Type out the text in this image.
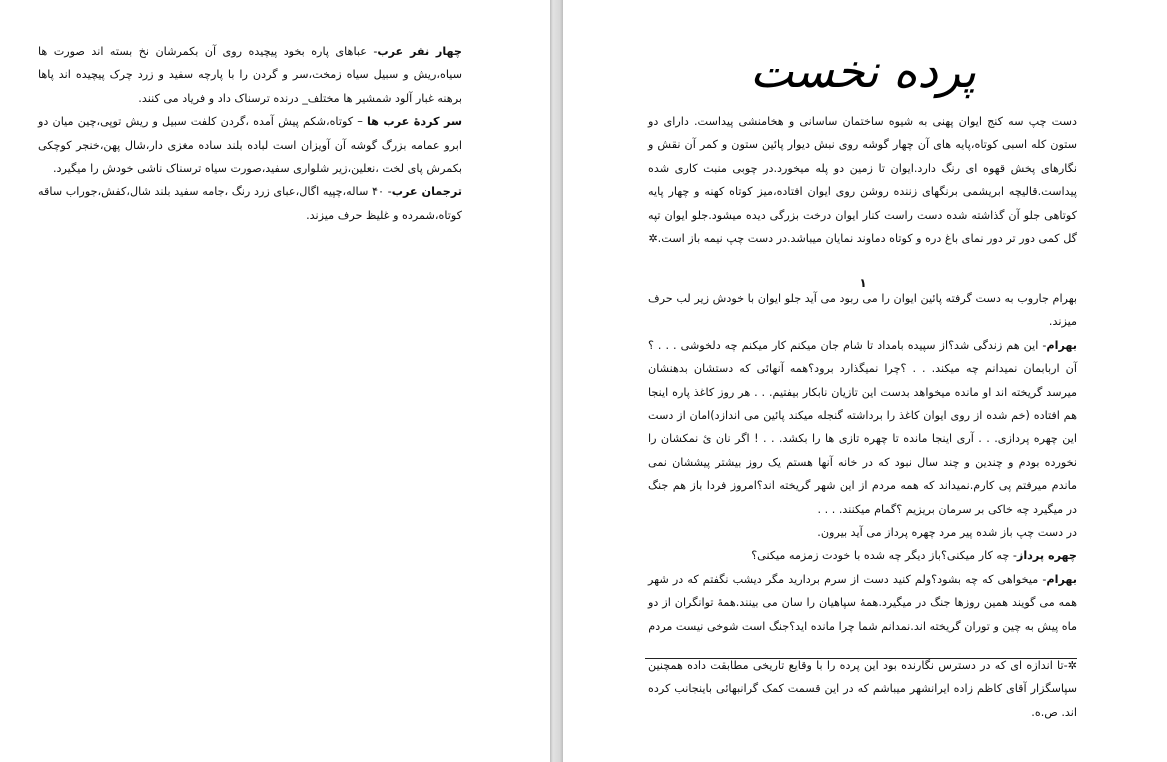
چهار نفر عرب- عباهای پاره بخود پیچیده روی آن بکمرشان نخ بسته اند صورت ها سیاه،ریش و سبیل سیاه زمخت،سر و گردن را با پارچه سفید و زرد چرک پیچیده اند پاها برهنه غبار آلود شمشیر ها مختلف_ درنده ترسناک داد و فریاد می کنند.

سر کردهٔ عرب ها – کوتاه،شکم پیش آمده ،گردن کلفت سبیل و ریش توپی،چین میان دو ابرو عمامه بزرگ گوشه آن آویزان است لباده بلند ساده مغزی دار،شال پهن،خنجر کوچکی بکمرش پای لخت ،نعلین،زیر شلواری سفید،صورت سیاه ترسناک ناشی خودش را میگیرد.

ترجمان عرب- ۴۰ ساله،چپیه اگال،عبای زرد رنگ ،جامه سفید بلند شال،کفش،جوراب ساقه کوتاه،شمرده و غلیظ حرف میزند.

پرده نخست

دست چپ سه کنج ایوان پهنی به شیوه ساختمان ساسانی و هخامنشی پیداست. دارای دو ستون کله اسبی کوتاه،پایه های آن چهار گوشه روی نبش دیوار پائین ستون و کمر آن نقش و نگارهای پخش قهوه ای رنگ دارد.ایوان تا زمین دو پله میخورد.در چوبی منبت کاری شده پیداست.قالیچه ابریشمی برنگهای زننده روشن روی ایوان افتاده،میز کوتاه کهنه و چهار پایه کوتاهی جلو آن گذاشته شده دست راست کنار ایوان درخت بزرگی دیده میشود.جلو ایوان تپه گل کمی دور تر دور نمای باغ دره و کوتاه دماوند نمایان میباشد.در دست چپ نیمه باز است.✲

۱

بهرام جاروب به دست گرفته پائین ایوان را می ربود می آید جلو ایوان با خودش زیر لب حرف میزند.

بهرام- این هم زندگی شد؟از سپیده بامداد تا شام جان میکنم کار میکنم چه دلخوشی . . . ؟آن اربابمان نمیدانم چه میکند. . . ؟چرا نمیگذارد برود؟همه آنهائی که دستشان بدهنشان میرسد گریخته اند او مانده میخواهد بدست این تازیان نابکار بیفتیم. . . هر روز کاغذ پاره اینجا هم افتاده (خم شده از روی ایوان کاغذ را برداشته گنجله میکند پائین می اندازد)امان از دست این چهره پردازی. . . آری اینجا مانده تا چهره تازی ها را بکشد. . . ! اگر نان ئ نمکشان را نخورده بودم و چندین و چند سال نبود که در خانه آنها هستم یک روز بیشتر پیششان نمی ماندم میرفتم پی کارم.نمیداند که همه مردم از این شهر گریخته اند؟امروز فردا باز هم جنگ در میگیرد چه خاکی بر سرمان بریزیم ؟گمام میکنند. . . .

در دست چپ باز شده پیر مرد چهره پرداز می آید بیرون.

چهره پرداز- چه کار میکنی؟باز دیگر چه شده با خودت زمزمه میکنی؟

بهرام- میخواهی که چه بشود؟ولم کنید دست از سرم بردارید مگر دیشب نگفتم که در شهر همه می گویند همین روزها جنگ در میگیرد.همهٔ سپاهیان را سان می بینند.همهٔ توانگران از دو ماه پیش به چین و توران گریخته اند.نمدانم شما چرا مانده اید؟جنگ است شوخی نیست مردم

✲-تا اندازه ای که در دسترس نگارنده بود این پرده را با وقایع تاریخی مطابقت داده همچنین سپاسگزار آقای کاظم زاده ایرانشهر میباشم که در این قسمت کمک گرانبهائی باینجانب کرده اند. ص.ه.
